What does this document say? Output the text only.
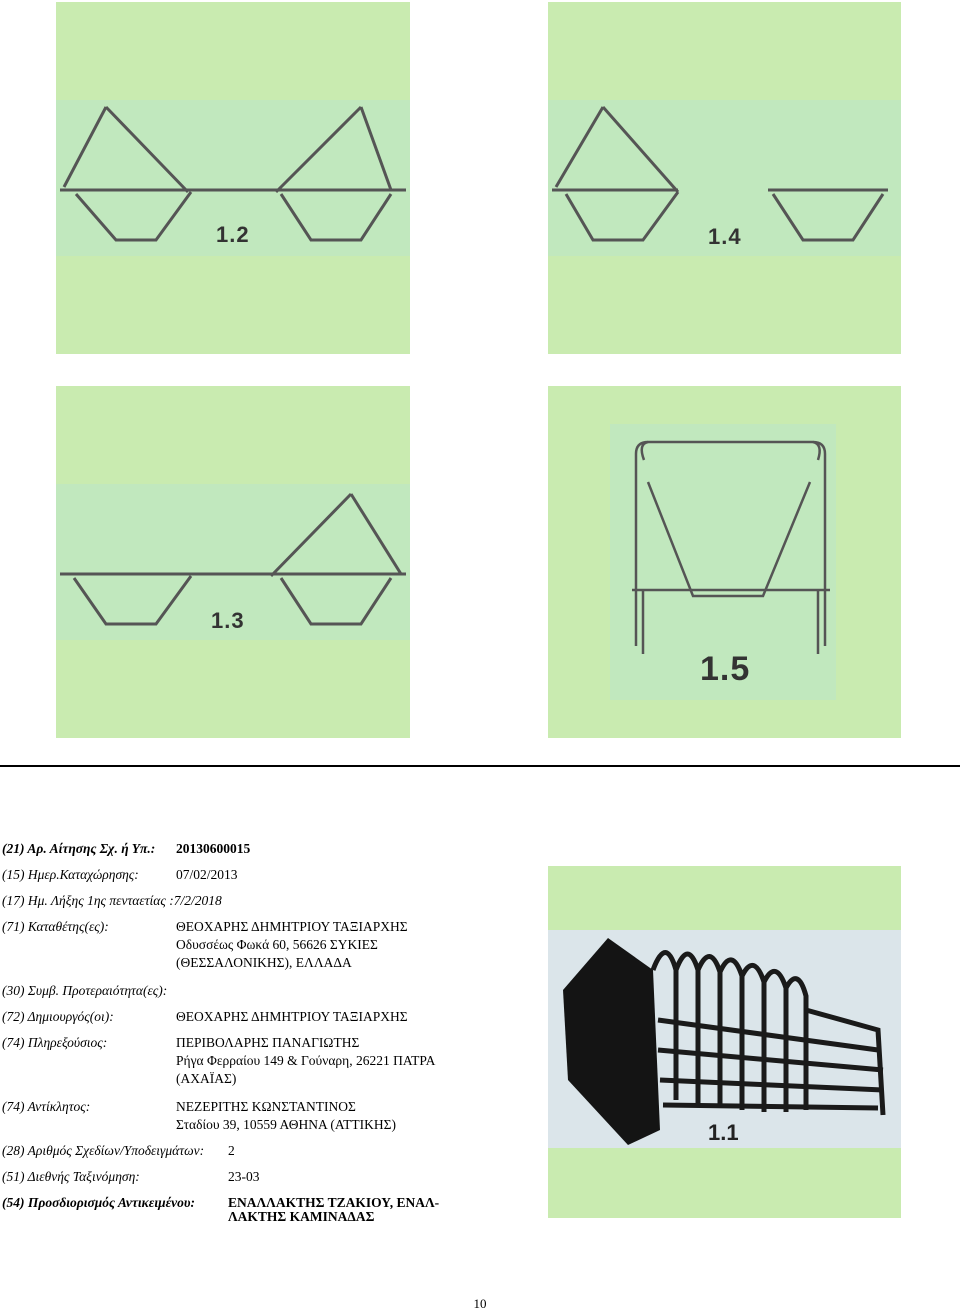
1.2	1.4
1.3
1.5
(21) Αρ. Αίτησης Σχ. ή Υπ.: 20130600015
(15) Ημερ.Καταχώρησης:	07/02/2013
(17) Ημ. Λήξης 1ης πενταετίας :7/2/2018
(71) Καταθέτης(ες):	ΘΕΟΧΑΡΗΣ ΔΗΜΗΤΡΙΟΥ ΤΑΞΙΑΡΧΗΣ
Οδυσσέως Φωκά 60, 56626 ΣΥΚΙΕΣ
(ΘΕΣΣΑΛΟΝΙΚΗΣ), ΕΛΛΑΔΑ
(30) Συμβ. Προτεραιότητα(ες):
(72) Δημιουργός(οι):	ΘΕΟΧΑΡΗΣ ΔΗΜΗΤΡΙΟΥ ΤΑΞΙΑΡΧΗΣ
(74) Πληρεξούσιος:	ΠΕΡΙΒΟΛΑΡΗΣ ΠΑΝΑΓΙΩΤΗΣ
Ρήγα Φερραίου 149 & Γούναρη, 26221 ΠΑΤΡΑ
(ΑΧΑΪΑΣ)
(74) Αντίκλητος:	ΝΕΖΕΡΙΤΗΣ ΚΩΝΣΤΑΝΤΙΝΟΣ
Σταδίου 39, 10559 ΑΘΗΝΑ (ΑΤΤΙΚΗΣ)
(28) Αριθμός Σχεδίων/Υποδειγμάτων: 2
(51) Διεθνής Ταξινόμηση:	23-03
(54) Προσδιορισμός Αντικειμένου: ΕΝΑΛΛΑΚΤΗΣ ΤΖΑΚΙΟΥ, ΕΝΑΛ-
ΛΑΚΤΗΣ ΚΑΜΙΝΑΔΑΣ
1.1
10
